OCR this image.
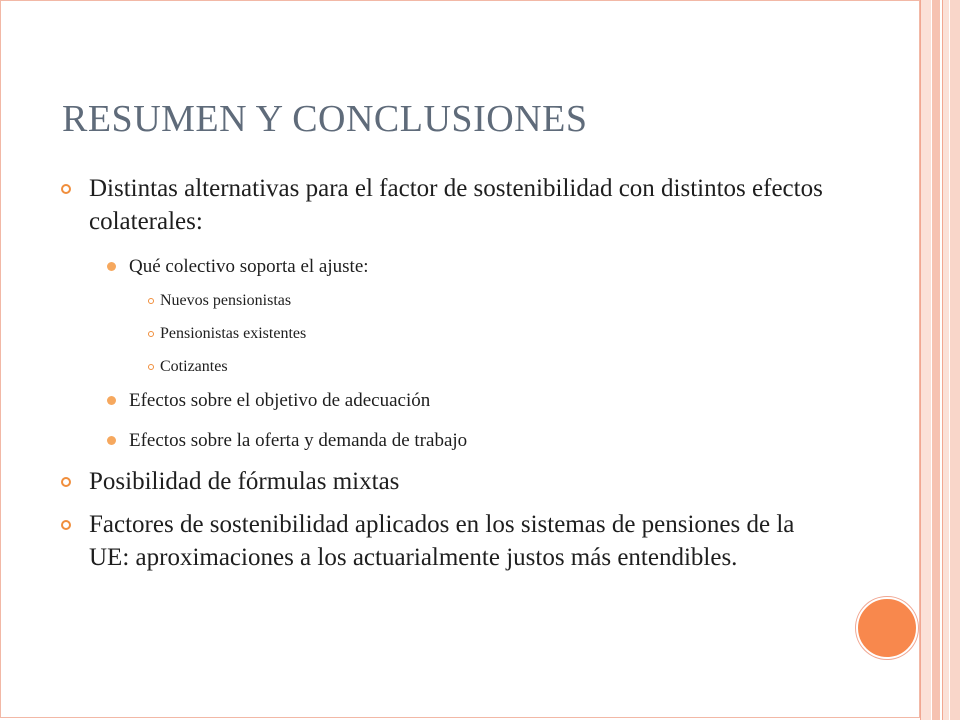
RESUMEN Y CONCLUSIONES
Distintas alternativas para el factor de sostenibilidad con distintos efectos colaterales:
Qué colectivo soporta el ajuste:
Nuevos pensionistas
Pensionistas existentes
Cotizantes
Efectos sobre el objetivo de adecuación
Efectos sobre la oferta y demanda de trabajo
Posibilidad de fórmulas mixtas
Factores de sostenibilidad aplicados en los sistemas de pensiones de la UE: aproximaciones a los actuarialmente justos más entendibles.
